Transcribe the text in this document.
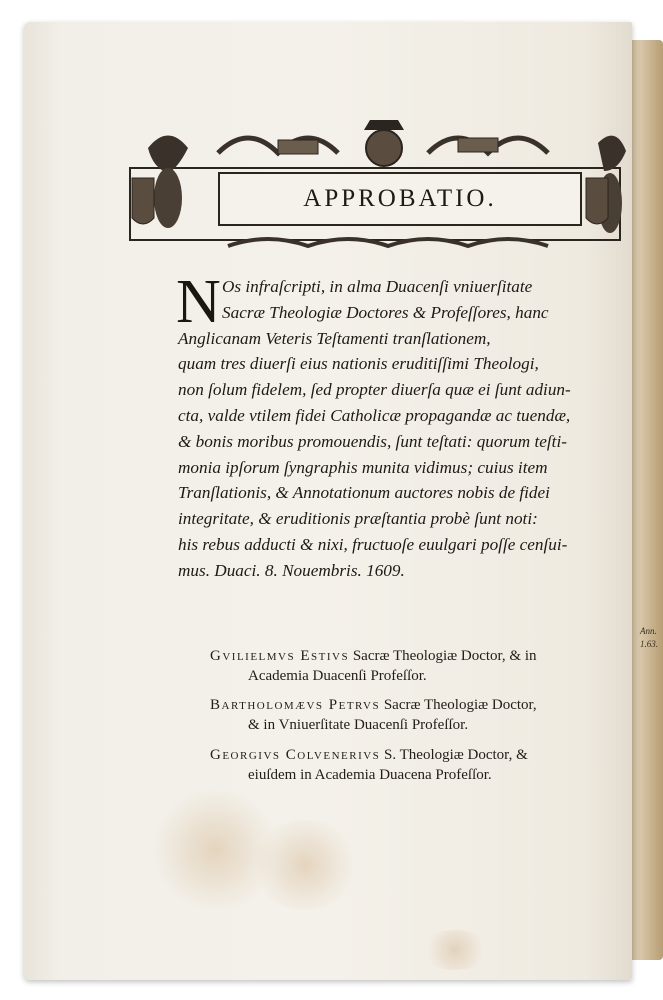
APPROBATIO.
N Os infraſcripti, in alma Duacenſi vniuerſitate
Sacræ Theologiæ Doctores & Profeſſores, hanc
Anglicanam Veteris Teſtamenti tranſlationem,
quam tres diuerſi eius nationis eruditiſſimi Theologi,
non ſolum fidelem, ſed propter diuerſa quæ ei ſunt adiun-
cta, valde vtilem fidei Catholicæ propagandæ ac tuendæ,
& bonis moribus promouendis, ſunt teſtati: quorum teſti-
monia ipſorum ſyngraphis munita vidimus; cuius item
Tranſlationis, & Annotationum auctores nobis de fidei
integritate, & eruditionis præſtantia probè ſunt noti:
his rebus adducti & nixi, fructuoſe euulgari poſſe cenſui-
mus. Duaci. 8. Nouembris. 1609.
Gvilielmvs Estivs Sacræ Theologiæ Doctor, & in
Academia Duacenſi Profeſſor.
Bartholomævs Petrvs Sacræ Theologiæ Doctor,
& in Vniuerſitate Duacenſi Profeſſor.
Georgivs Colvenerivs S. Theologiæ Doctor, &
eiuſdem in Academia Duacena Profeſſor.
Ann.
1.63.
